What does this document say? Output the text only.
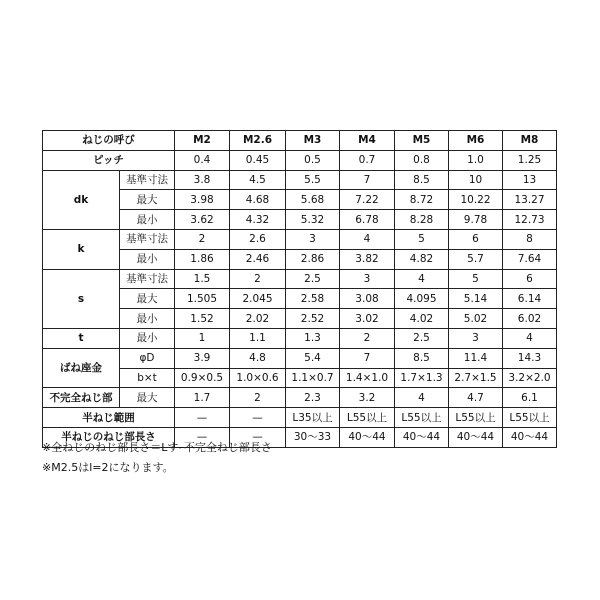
ねじの呼び		M2	M2.6	M3	M4	M5	M6	M8
ピッチ		0.4	0.45	0.5	0.7	0.8	1.0	1.25
dk	基準寸法	3.8	4.5	5.5	7	8.5	10	13
	最大	3.98	4.68	5.68	7.22	8.72	10.22	13.27
	最小	3.62	4.32	5.32	6.78	8.28	9.78	12.73
k	基準寸法	2	2.6	3	4	5	6	8
	最小	1.86	2.46	2.86	3.82	4.82	5.7	7.64
s	基準寸法	1.5	2	2.5	3	4	5	6
	最大	1.505	2.045	2.58	3.08	4.095	5.14	6.14
	最小	1.52	2.02	2.52	3.02	4.02	5.02	6.02
t	最小	1	1.1	1.3	2	2.5	3	4
ばね座金	φD	3.9	4.8	5.4	7	8.5	11.4	14.3
	b×t	0.9×0.5	1.0×0.6	1.1×0.7	1.4×1.0	1.7×1.3	2.7×1.5	3.2×2.0
不完全ねじ部	最大	1.7	2	2.3	3.2	4	4.7	6.1
半ねじ範囲		—	—	L35以上	L55以上	L55以上	L55以上	L55以上
半ねじのねじ部長さ		—	—	30～33	40～44	40～44	40～44	40～44
※全ねじのねじ部長さ＝Lすｰ不完全ねじ部長さ
※M2.5はl=2になります。
